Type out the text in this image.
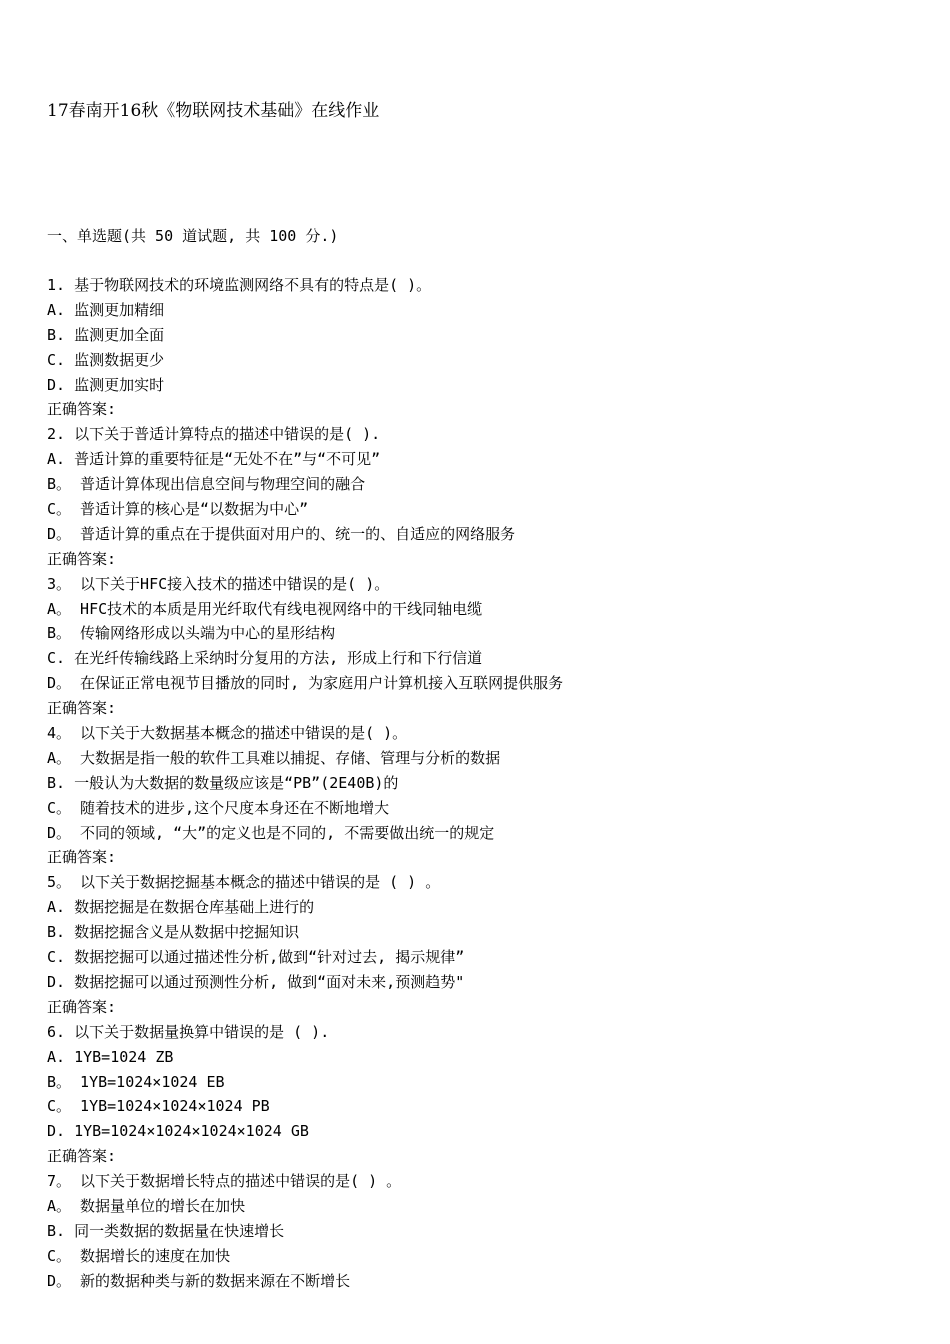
17春南开16秋《物联网技术基础》在线作业
一、单选题(共 50 道试题, 共 100 分.)
1. 基于物联网技术的环境监测网络不具有的特点是( )。
A. 监测更加精细
B. 监测更加全面
C. 监测数据更少
D. 监测更加实时
正确答案:
2. 以下关于普适计算特点的描述中错误的是( ).
A. 普适计算的重要特征是“无处不在”与“不可见”
B。 普适计算体现出信息空间与物理空间的融合
C。 普适计算的核心是“以数据为中心”
D。 普适计算的重点在于提供面对用户的、统一的、自适应的网络服务
正确答案:
3。 以下关于HFC接入技术的描述中错误的是( )。
A。 HFC技术的本质是用光纤取代有线电视网络中的干线同轴电缆
B。 传输网络形成以头端为中心的星形结构
C. 在光纤传输线路上采纳时分复用的方法, 形成上行和下行信道
D。 在保证正常电视节目播放的同时, 为家庭用户计算机接入互联网提供服务
正确答案:
4。 以下关于大数据基本概念的描述中错误的是( )。
A。 大数据是指一般的软件工具难以捕捉、存储、管理与分析的数据
B. 一般认为大数据的数量级应该是“PB”(2E40B)的
C。 随着技术的进步,这个尺度本身还在不断地增大
D。 不同的领域, “大”的定义也是不同的, 不需要做出统一的规定
正确答案:
5。 以下关于数据挖掘基本概念的描述中错误的是 ( ) 。
A. 数据挖掘是在数据仓库基础上进行的
B. 数据挖掘含义是从数据中挖掘知识
C. 数据挖掘可以通过描述性分析,做到“针对过去, 揭示规律”
D. 数据挖掘可以通过预测性分析, 做到“面对未来,预测趋势"
正确答案:
6. 以下关于数据量换算中错误的是 ( ).
A. 1YB=1024 ZB
B。 1YB=1024×1024 EB
C。 1YB=1024×1024×1024 PB
D. 1YB=1024×1024×1024×1024 GB
正确答案:
7。 以下关于数据增长特点的描述中错误的是( ) 。
A。 数据量单位的增长在加快
B. 同一类数据的数据量在快速增长
C。 数据增长的速度在加快
D。 新的数据种类与新的数据来源在不断增长
